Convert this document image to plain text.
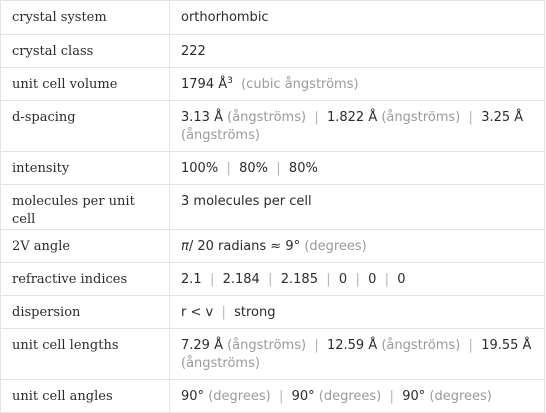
crystal system	orthorhombic
crystal class	222
unit cell volume	1794 $Å^3$ (cubic ångströms)
d-spacing	3.13 Å (ångströms) | 1.822 Å (ångströms) | 3.25 Å (ångströms)
intensity	100% | 80% | 80%
molecules per unit cell	3 molecules per cell
2V angle	π/ 20 radians ≈ 9° (degrees)
refractive indices	2.1 | 2.184 | 2.185 | 0 | 0 | 0
dispersion	r < v | strong
unit cell lengths	7.29 Å (ångströms) | 12.59 Å (ångströms) | 19.55 Å (ångströms)
unit cell angles	90° (degrees) | 90° (degrees) | 90° (degrees)
